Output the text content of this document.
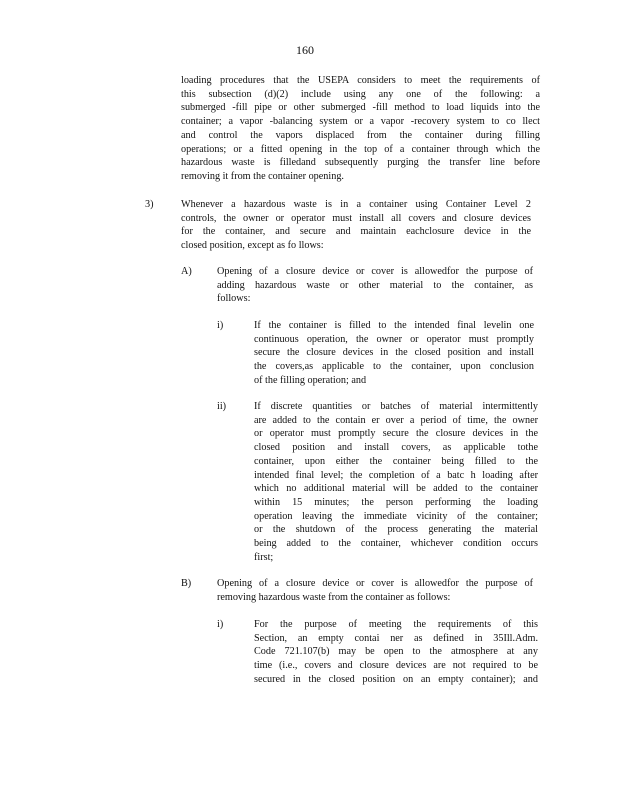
160
loading procedures that the USEPA considers to meet the requirements of
this subsection (d)(2) include using any one of the following: a
submerged -fill pipe or other submerged -fill method to load liquids into the
container; a vapor -balancing system or a vapor -recovery system to co llect
and control the vapors displaced from the container during filling
operations; or a fitted opening in the top of a container through which the
hazardous waste is filledand subsequently purging the transfer line before
removing it from the container opening.
3)	Whenever a hazardous waste is in a container using Container Level 2
controls, the owner or operator must install all covers and closure devices
for the container, and secure and maintain eachclosure device in the
closed position, except as fo llows:
A) Opening of a closure device or cover is allowedfor the purpose of
adding hazardous waste or other material to the container, as
follows:
i)	If the container is filled to the intended final levelin one
continuous operation, the owner or operator must promptly
secure the closure devices in the closed position and install
the covers,as applicable to the container, upon conclusion
of the filling operation; and
ii)	If discrete quantities or batches of material intermittently
are added to the contain er over a period of time, the owner
or operator must promptly secure the closure devices in the
closed position and install covers, as applicable tothe
container, upon either the container being filled to the
intended final level; the completion of a batc h loading after
which no additional material will be added to the container
within 15 minutes; the person performing the loading
operation leaving the immediate vicinity of the container;
or the shutdown of the process generating the material
being added to the container, whichever condition occurs
first;
B)	Opening of a closure device or cover is allowedfor the purpose of
removing hazardous waste from the container as follows:
i)	For the purpose of meeting the requirements of this
Section, an empty contai ner as defined in 35Ill.Adm.
Code 721.107(b) may be open to the atmosphere at any
time (i.e., covers and closure devices are not required to be
secured in the closed position on an empty container); and
